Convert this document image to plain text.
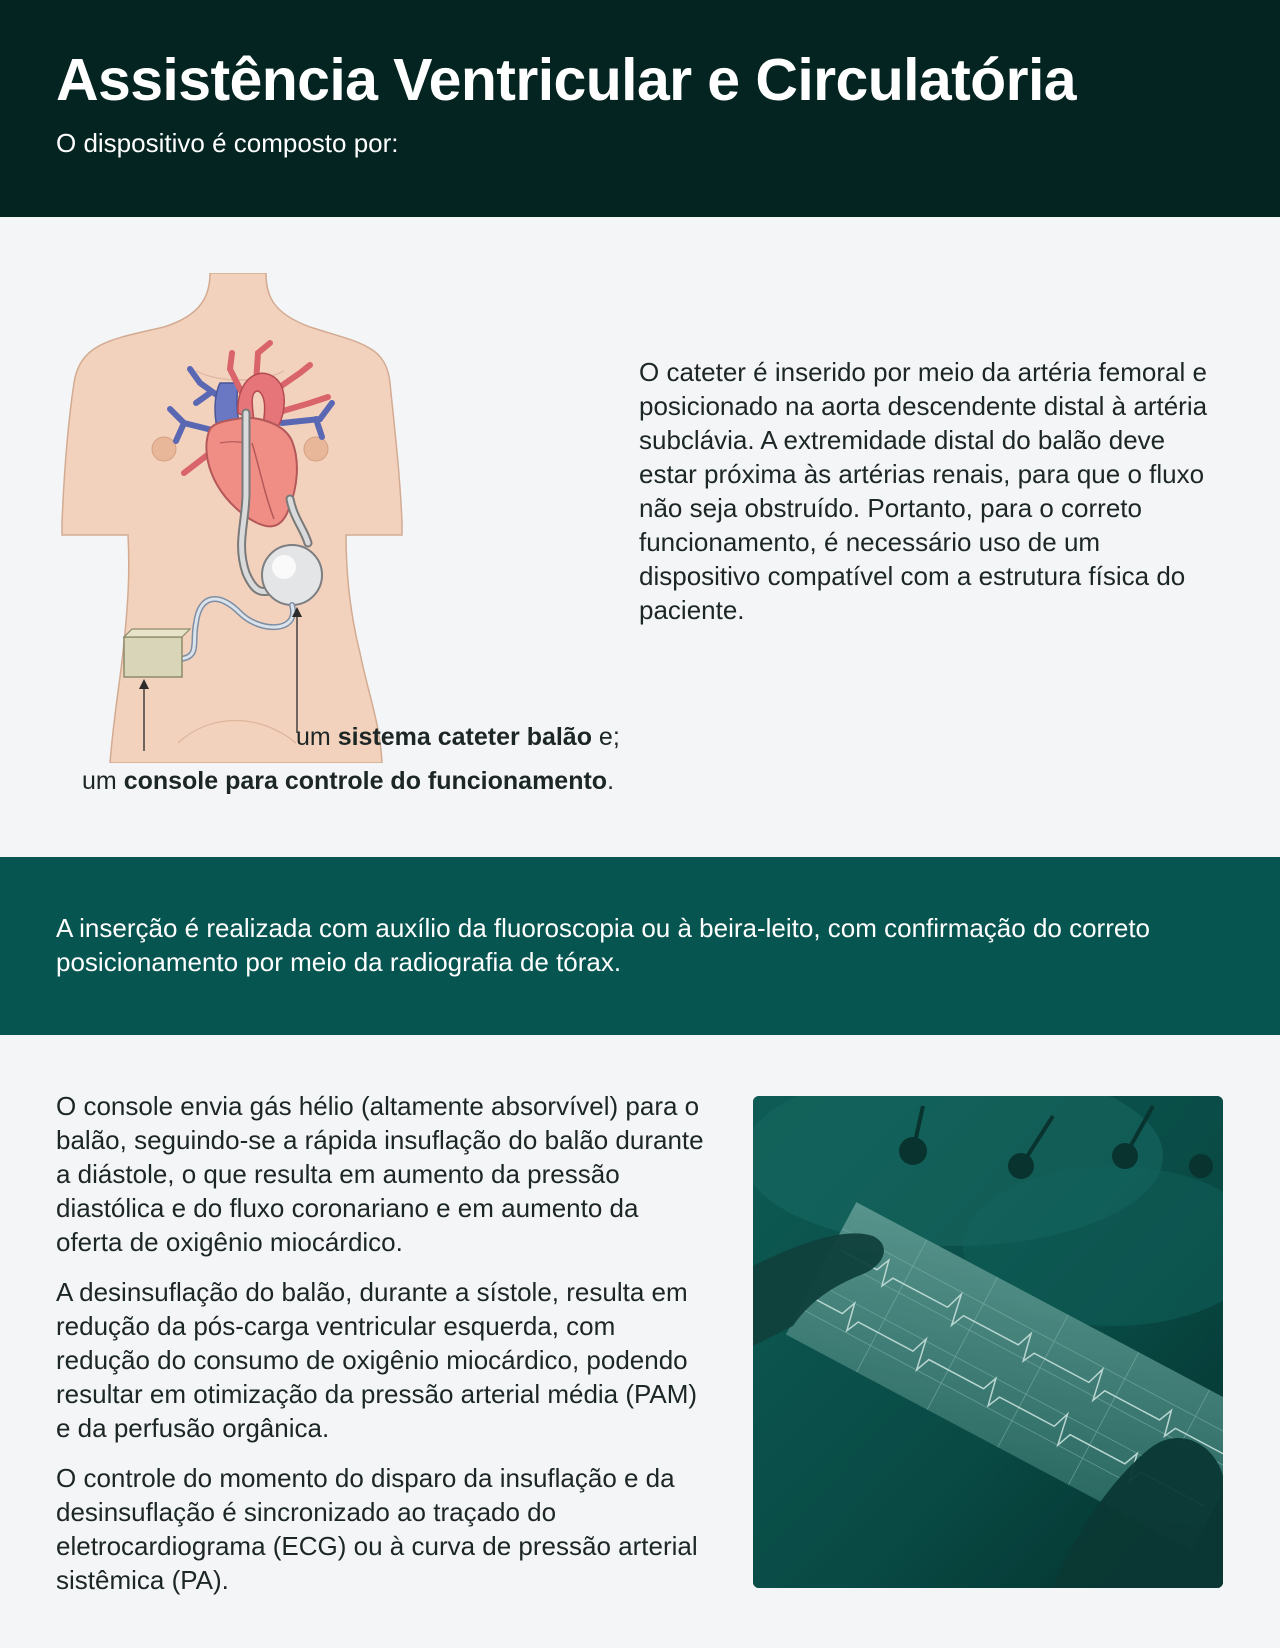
Assistência Ventricular e Circulatória
O dispositivo é composto por:
um sistema cateter balão e;
um console para controle do funcionamento.

O cateter é inserido por meio da artéria femoral e posicionado na aorta descendente distal à artéria subclávia. A extremidade distal do balão deve estar próxima às artérias renais, para que o fluxo não seja obstruído. Portanto, para o correto funcionamento, é necessário uso de um dispositivo compatível com a estrutura física do paciente.

A inserção é realizada com auxílio da fluoroscopia ou à beira-leito, com confirmação do correto posicionamento por meio da radiografia de tórax.

O console envia gás hélio (altamente absorvível) para o balão, seguindo-se a rápida insuflação do balão durante a diástole, o que resulta em aumento da pressão diastólica e do fluxo coronariano e em aumento da oferta de oxigênio miocárdico.

A desinsuflação do balão, durante a sístole, resulta em redução da pós-carga ventricular esquerda, com redução do consumo de oxigênio miocárdico, podendo resultar em otimização da pressão arterial média (PAM) e da perfusão orgânica.

O controle do momento do disparo da insuflação e da desinsuflação é sincronizado ao traçado do eletrocardiograma (ECG) ou à curva de pressão arterial sistêmica (PA).
